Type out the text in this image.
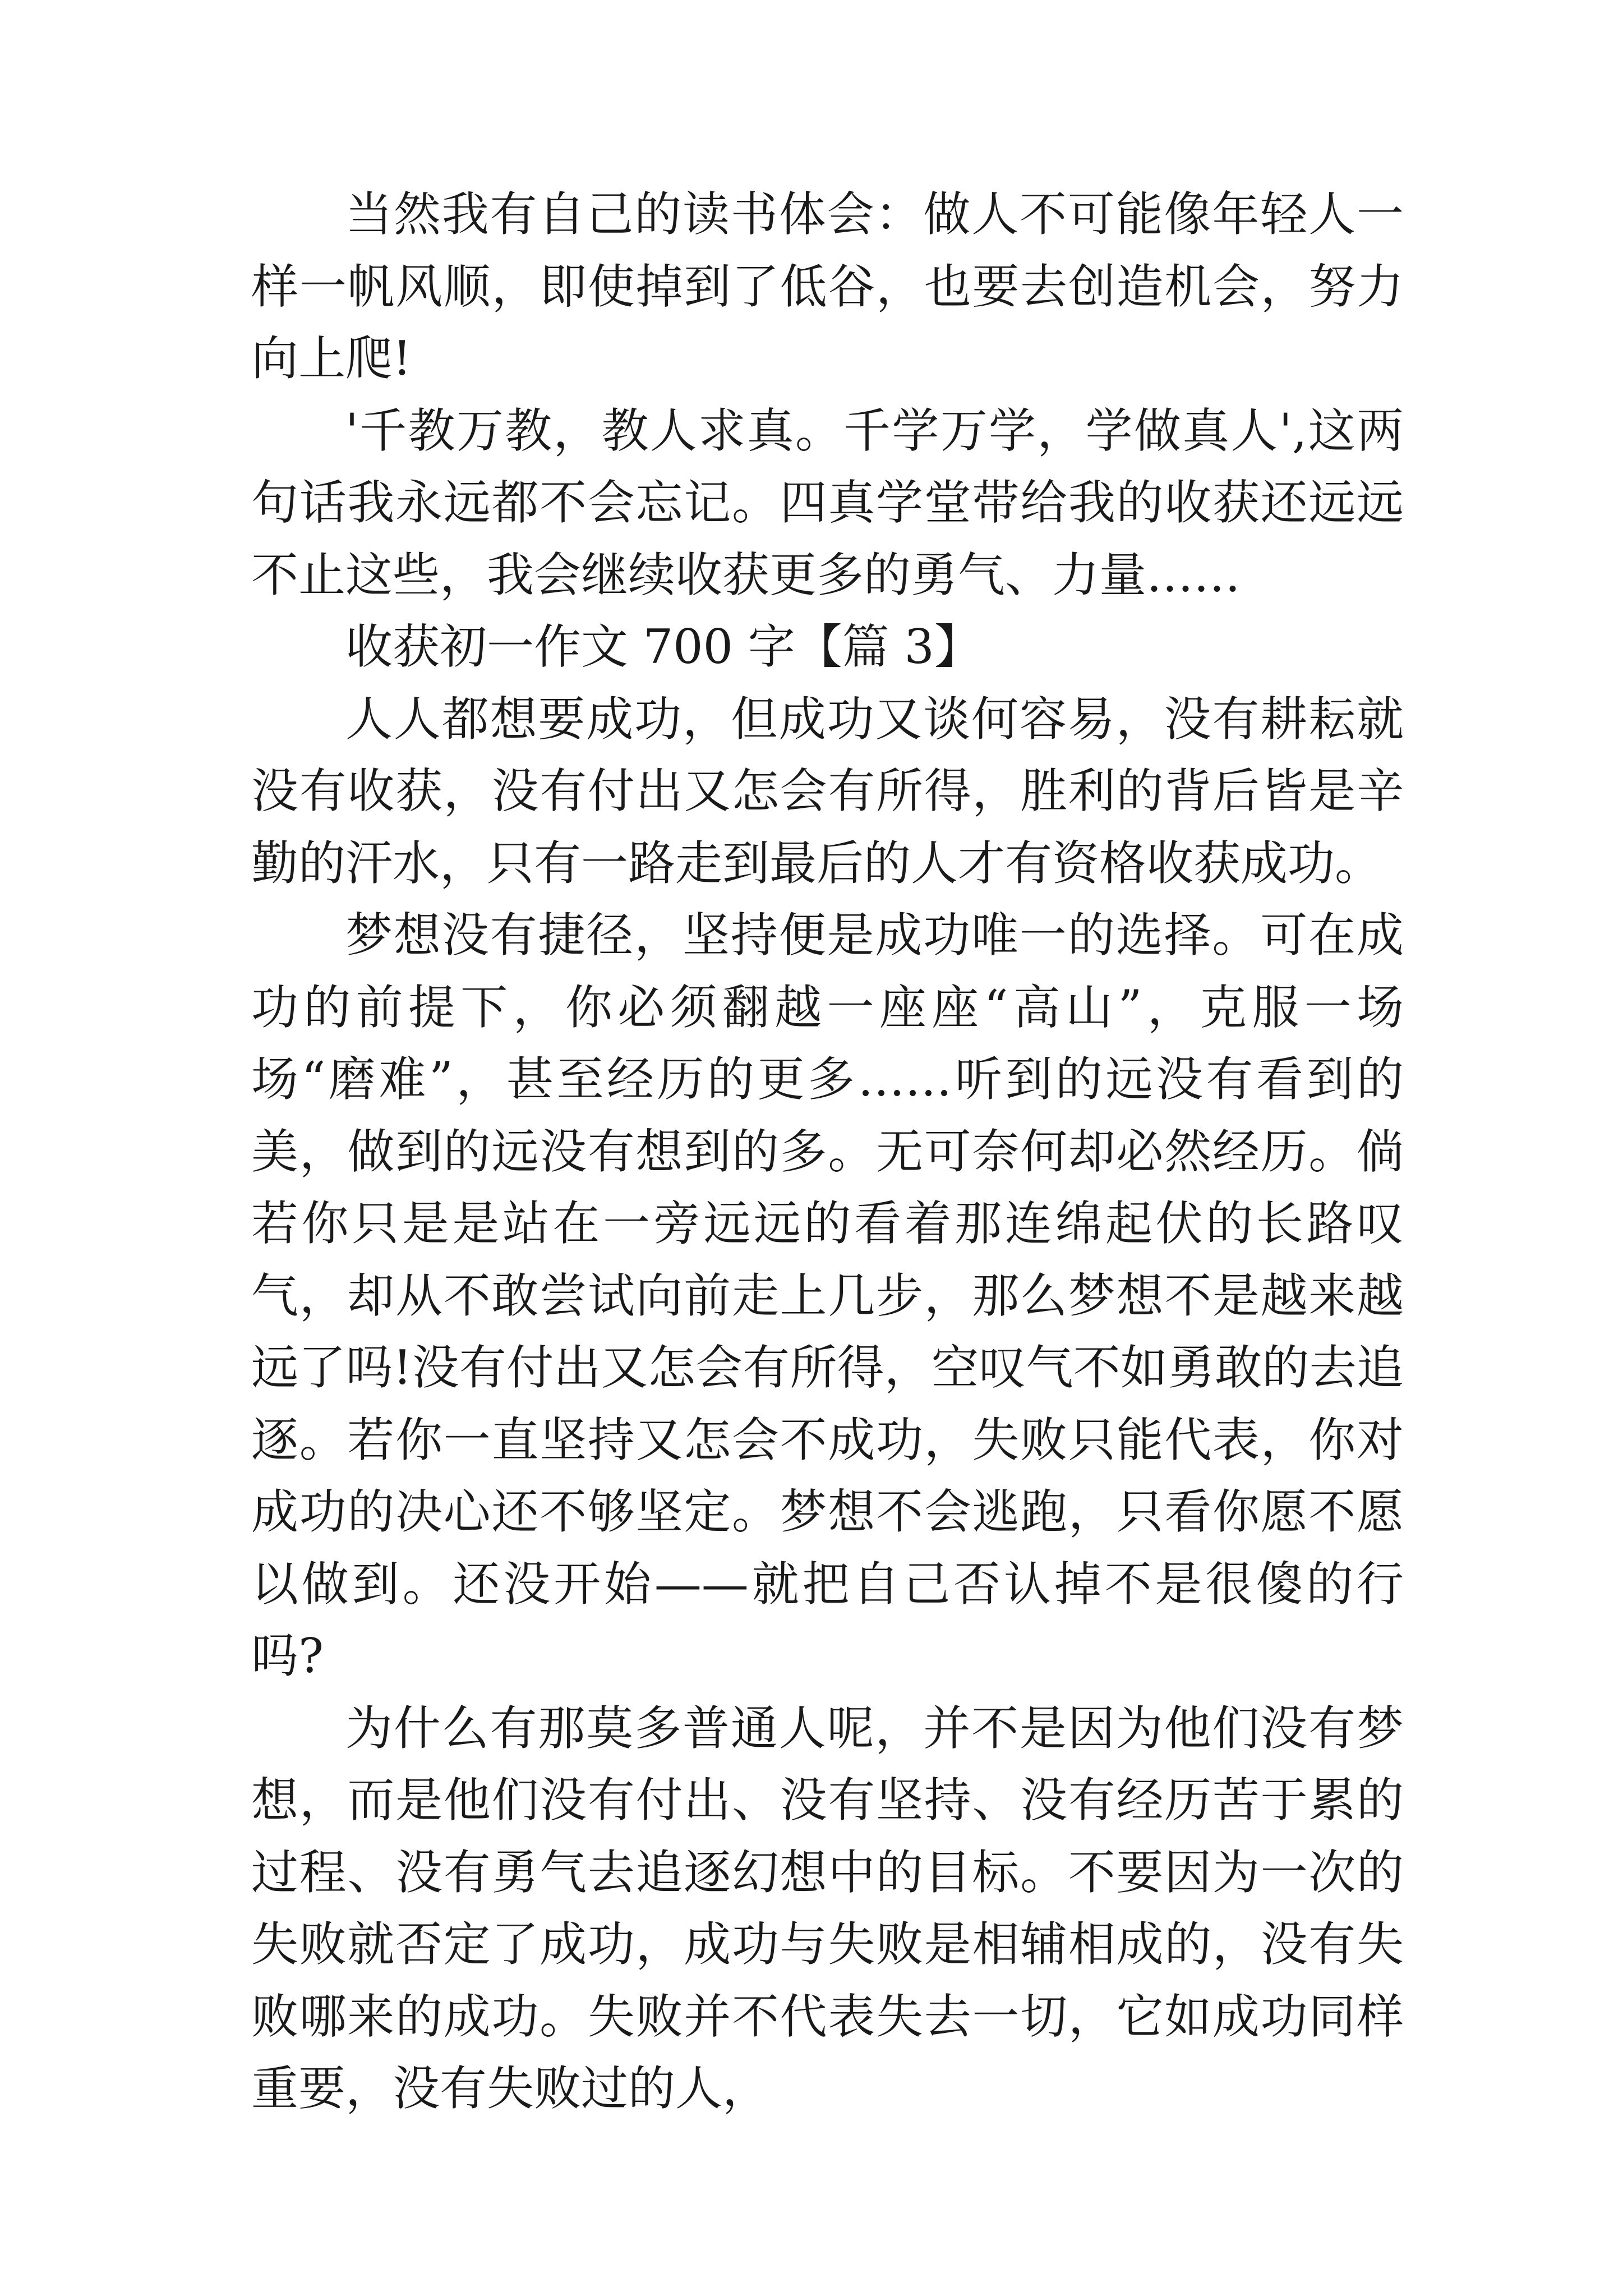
当然我有自己的读书体会：做人不可能像年轻人一样一帆风顺，即使掉到了低谷，也要去创造机会，努力向上爬!

'千教万教，教人求真。千学万学，学做真人',这两句话我永远都不会忘记。四真学堂带给我的收获还远远不止这些，我会继续收获更多的勇气、力量……

收获初一作文 700 字【篇 3】

人人都想要成功，但成功又谈何容易，没有耕耘就没有收获，没有付出又怎会有所得，胜利的背后皆是辛勤的汗水，只有一路走到最后的人才有资格收获成功。

梦想没有捷径，坚持便是成功唯一的选择。可在成功的前提下，你必须翻越一座座“高山”，克服一场场“磨难”，甚至经历的更多……听到的远没有看到的美，做到的远没有想到的多。无可奈何却必然经历。倘若你只是是站在一旁远远的看着那连绵起伏的长路叹气，却从不敢尝试向前走上几步，那么梦想不是越来越远了吗!没有付出又怎会有所得，空叹气不如勇敢的去追逐。若你一直坚持又怎会不成功，失败只能代表，你对成功的决心还不够坚定。梦想不会逃跑，只看你愿不愿以做到。还没开始——就把自己否认掉不是很傻的行吗?

为什么有那莫多普通人呢，并不是因为他们没有梦想，而是他们没有付出、没有坚持、没有经历苦于累的过程、没有勇气去追逐幻想中的目标。不要因为一次的失败就否定了成功，成功与失败是相辅相成的，没有失败哪来的成功。失败并不代表失去一切，它如成功同样重要，没有失败过的人，
